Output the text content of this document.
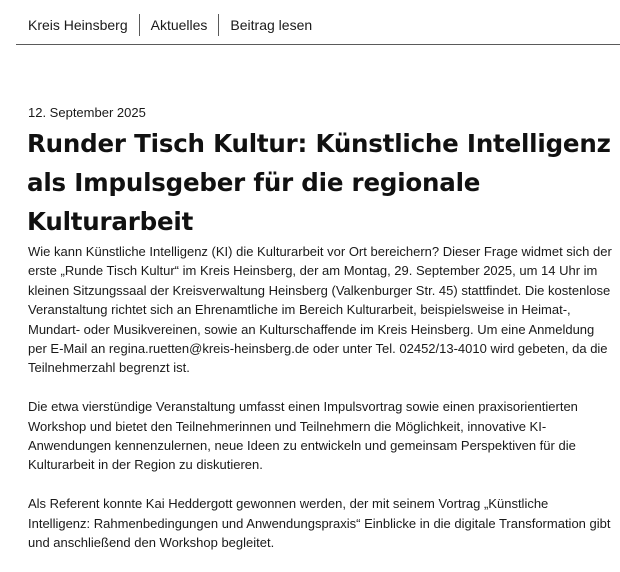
Kreis Heinsberg Aktuelles Beitrag lesen
12. September 2025
Runder Tisch Kultur: Künstliche Intelligenz als Impulsgeber für die regionale Kulturarbeit

Wie kann Künstliche Intelligenz (KI) die Kulturarbeit vor Ort bereichern? Dieser Frage widmet sich der erste „Runde Tisch Kultur“ im Kreis Heinsberg, der am Montag, 29. September 2025, um 14 Uhr im kleinen Sitzungssaal der Kreisverwaltung Heinsberg (Valkenburger Str. 45) stattfindet. Die kostenlose Veranstaltung richtet sich an Ehrenamtliche im Bereich Kulturarbeit, beispielsweise in Heimat-, Mundart- oder Musikvereinen, sowie an Kulturschaffende im Kreis Heinsberg. Um eine Anmeldung per E-Mail an regina.ruetten@kreis-heinsberg.de oder unter Tel. 02452/13-4010 wird gebeten, da die Teilnehmerzahl begrenzt ist.

Die etwa vierstündige Veranstaltung umfasst einen Impulsvortrag sowie einen praxisorientierten Workshop und bietet den Teilnehmerinnen und Teilnehmern die Möglichkeit, innovative KI-Anwendungen kennenzulernen, neue Ideen zu entwickeln und gemeinsam Perspektiven für die Kulturarbeit in der Region zu diskutieren.

Als Referent konnte Kai Heddergott gewonnen werden, der mit seinem Vortrag „Künstliche Intelligenz: Rahmenbedingungen und Anwendungspraxis“ Einblicke in die digitale Transformation gibt und anschließend den Workshop begleitet.
